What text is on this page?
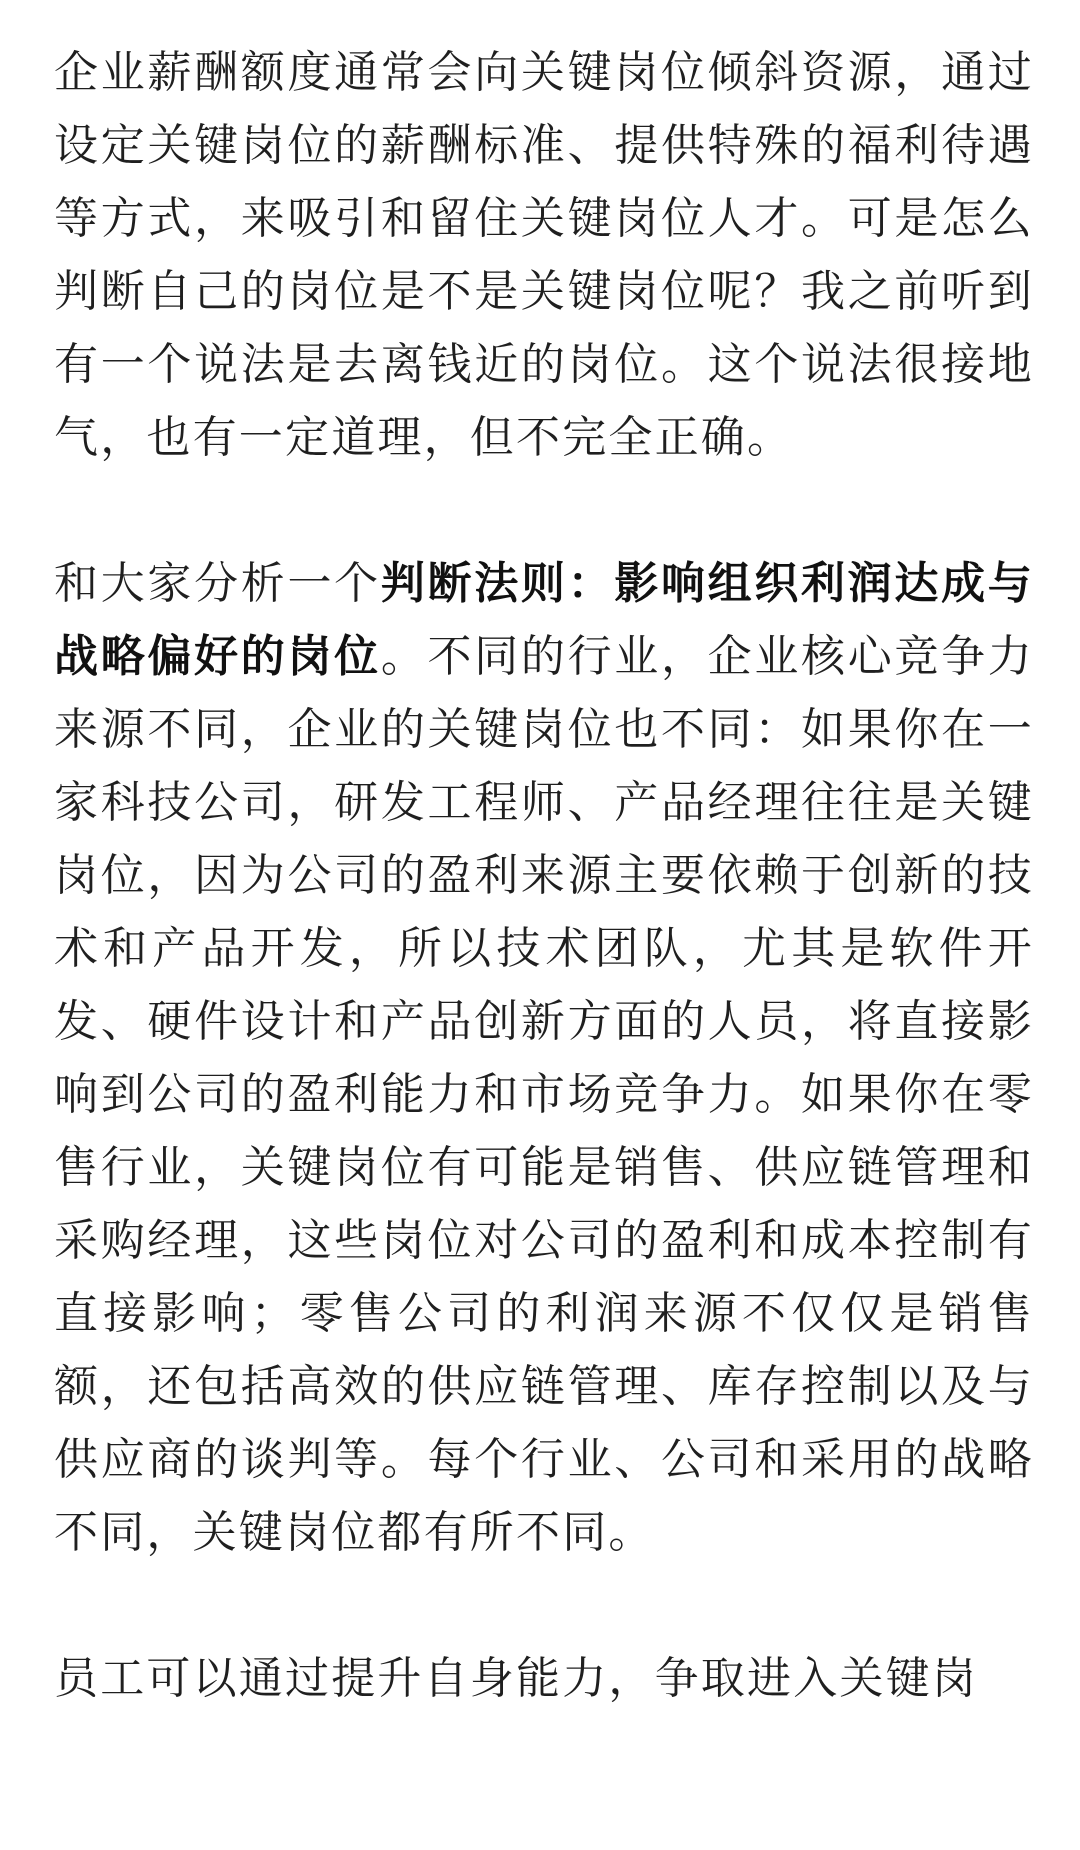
企业薪酬额度通常会向关键岗位倾斜资源，通过设定关键岗位的薪酬标准、提供特殊的福利待遇等方式，来吸引和留住关键岗位人才。可是怎么判断自己的岗位是不是关键岗位呢？我之前听到有一个说法是去离钱近的岗位。这个说法很接地气，也有一定道理，但不完全正确。

和大家分析一个判断法则：影响组织利润达成与战略偏好的岗位。不同的行业，企业核心竞争力来源不同，企业的关键岗位也不同：如果你在一家科技公司，研发工程师、产品经理往往是关键岗位，因为公司的盈利来源主要依赖于创新的技术和产品开发，所以技术团队，尤其是软件开发、硬件设计和产品创新方面的人员，将直接影响到公司的盈利能力和市场竞争力。如果你在零售行业，关键岗位有可能是销售、供应链管理和采购经理，这些岗位对公司的盈利和成本控制有直接影响；零售公司的利润来源不仅仅是销售额，还包括高效的供应链管理、库存控制以及与供应商的谈判等。每个行业、公司和采用的战略不同，关键岗位都有所不同。

员工可以通过提升自身能力，争取进入关键岗
